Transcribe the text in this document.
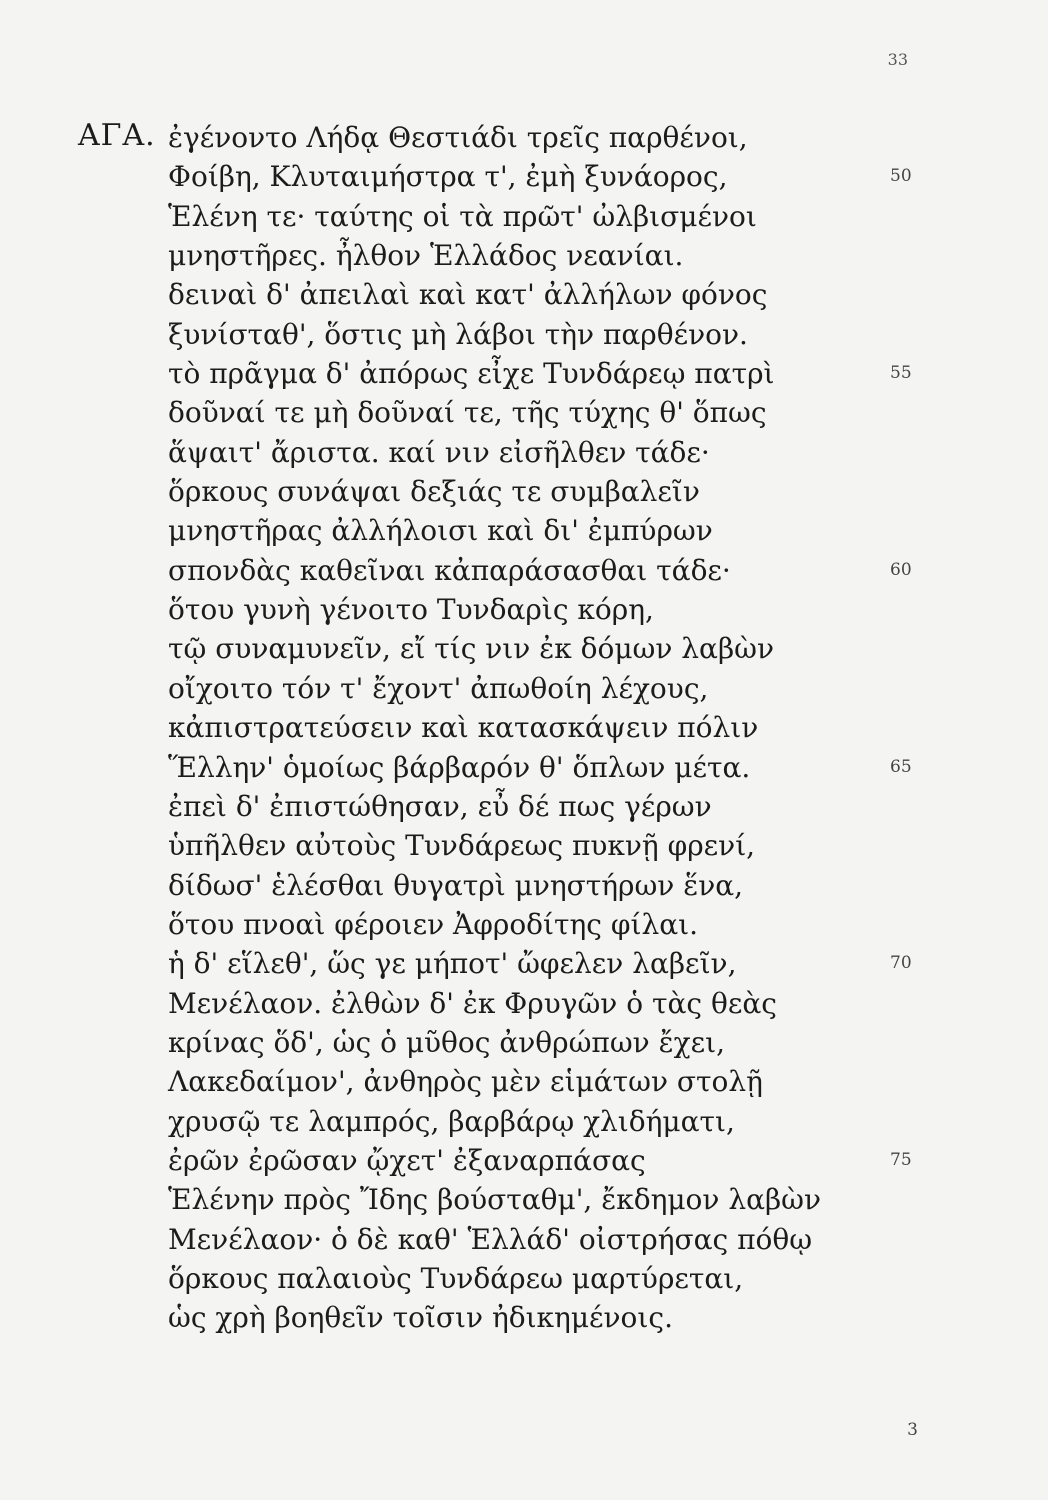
33
ΑΓΑ. ἐγένοντο Λήδᾳ Θεστιάδι τρεῖς παρθένοι,
Φοίβη, Κλυταιμήστρα τ', ἐμὴ ξυνάορος,	50
Ἑλένη τε· ταύτης οἱ τὰ πρῶτ' ὠλβισμένοι
μνηστῆρες. ἦλθον Ἑλλάδος νεανίαι.
δειναὶ δ' ἀπειλαὶ καὶ κατ' ἀλλήλων φόνος
ξυνίσταθ', ὅστις μὴ λάβοι τὴν παρθένον.
τὸ πρᾶγμα δ' ἀπόρως εἶχε Τυνδάρεῳ πατρὶ	55
δοῦναί τε μὴ δοῦναί τε, τῆς τύχης θ' ὅπως
ἅψαιτ' ἄριστα. καί νιν εἰσῆλθεν τάδε·
ὅρκους συνάψαι δεξιάς τε συμβαλεῖν
μνηστῆρας ἀλλήλοισι καὶ δι' ἐμπύρων
σπονδὰς καθεῖναι κἀπαράσασθαι τάδε·	60
ὅτου γυνὴ γένοιτο Τυνδαρὶς κόρη,
τῷ συναμυνεῖν, εἴ τίς νιν ἐκ δόμων λαβὼν
οἴχοιτο τόν τ' ἔχοντ' ἀπωθοίη λέχους,
κἀπιστρατεύσειν καὶ κατασκάψειν πόλιν
Ἕλλην' ὁμοίως βάρβαρόν θ' ὅπλων μέτα.	65
ἐπεὶ δ' ἐπιστώθησαν, εὖ δέ πως γέρων
ὑπῆλθεν αὐτοὺς Τυνδάρεως πυκνῇ φρενί,
δίδωσ' ἑλέσθαι θυγατρὶ μνηστήρων ἕνα,
ὅτου πνοαὶ φέροιεν Ἀφροδίτης φίλαι.
ἡ δ' εἵλεθ', ὥς γε μήποτ' ὤφελεν λαβεῖν,	70
Μενέλαον. ἐλθὼν δ' ἐκ Φρυγῶν ὁ τὰς θεὰς
κρίνας ὅδ', ὡς ὁ μῦθος ἀνθρώπων ἔχει,
Λακεδαίμον', ἀνθηρὸς μὲν εἱμάτων στολῇ
χρυσῷ τε λαμπρός, βαρβάρῳ χλιδήματι,
ἐρῶν ἐρῶσαν ᾤχετ' ἐξαναρπάσας	75
Ἑλένην πρὸς Ἴδης βούσταθμ', ἔκδημον λαβὼν
Μενέλαον· ὁ δὲ καθ' Ἑλλάδ' οἰστρήσας πόθῳ
ὅρκους παλαιοὺς Τυνδάρεω μαρτύρεται,
ὡς χρὴ βοηθεῖν τοῖσιν ἠδικημένοις.
3
